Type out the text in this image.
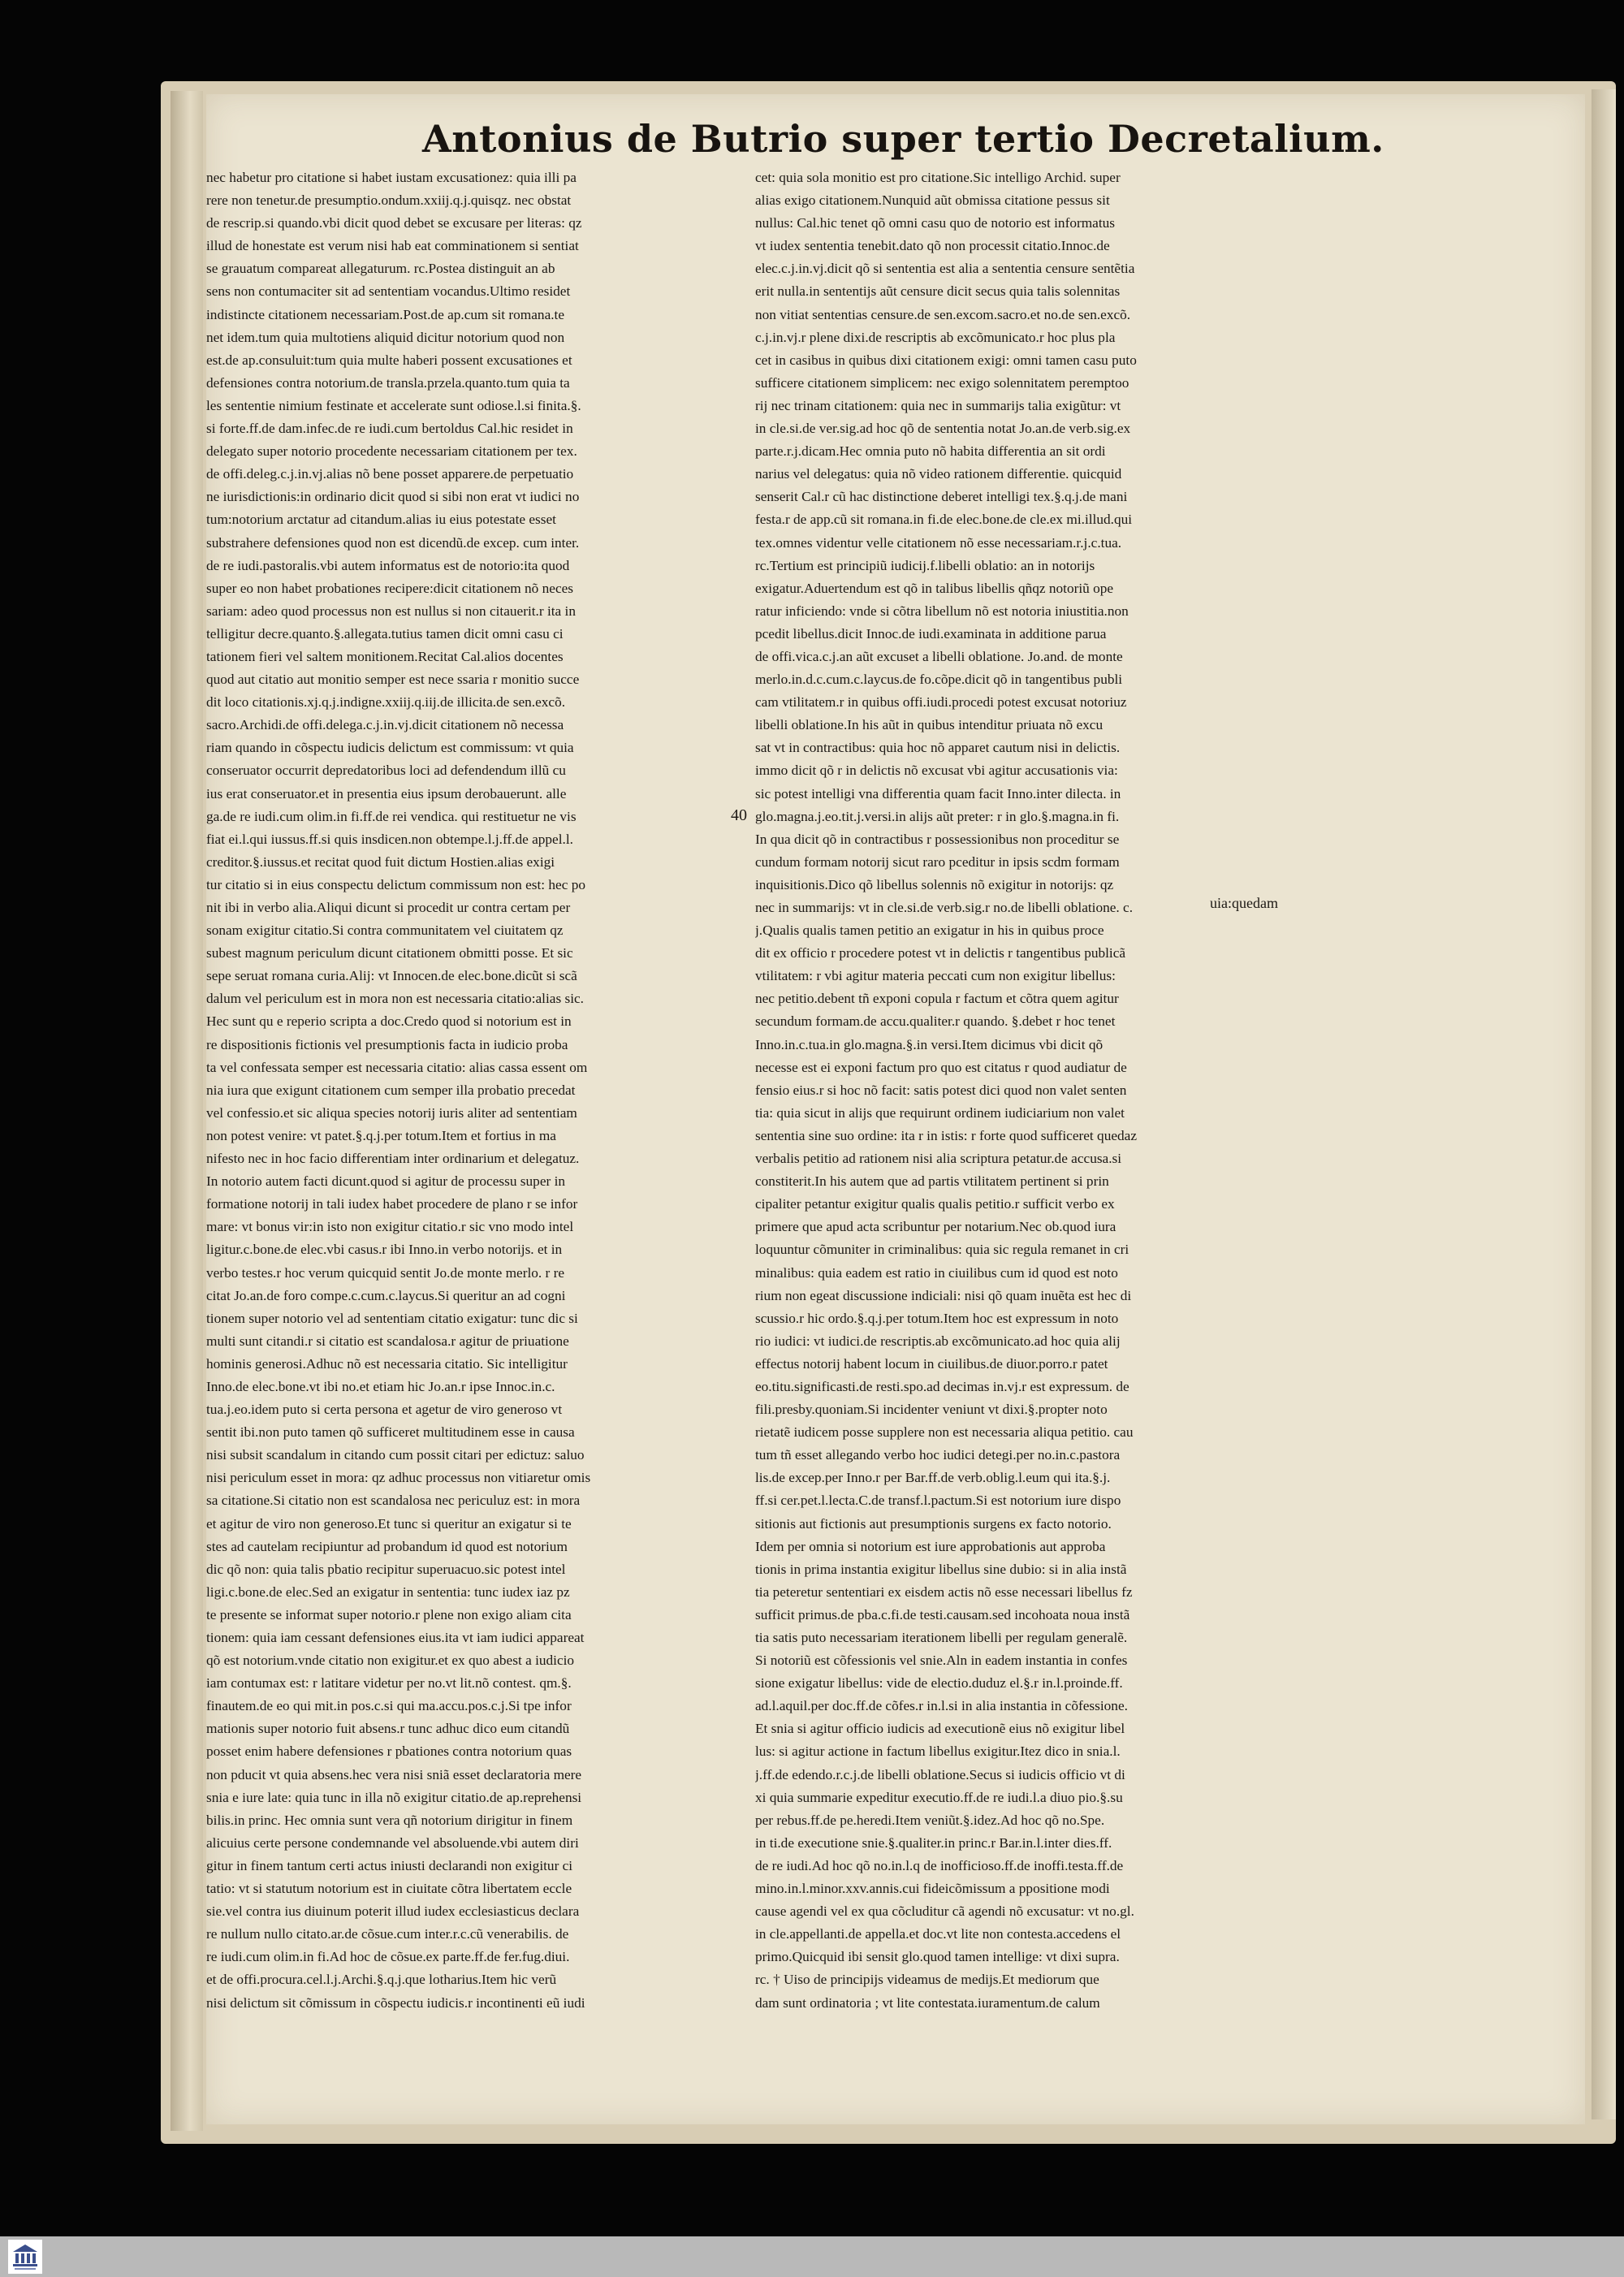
Antonius de Butrio super tertio Decretalium.
nec habetur pro citatione si habet iustam excusationez: quia illi pa
rere non tenetur.de presumptio.ondum.xxiij.q.j.quisqz. nec obstat
de rescrip.si quando.vbi dicit quod debet se excusare per literas: qz
illud de honestate est verum nisi hab eat comminationem si sentiat
se grauatum compareat allegaturum. rc.Postea distinguit an ab
sens non contumaciter sit ad sententiam vocandus.Ultimo residet
indistincte citationem necessariam.Post.de ap.cum sit romana.te
net idem.tum quia multotiens aliquid dicitur notorium quod non
est.de ap.consuluit:tum quia multe haberi possent excusationes et
defensiones contra notorium.de transla.przela.quanto.tum quia ta
les sententie nimium festinate et accelerate sunt odiose.l.si finita.§.
si forte.ff.de dam.infec.de re iudi.cum bertoldus Cal.hic residet in
delegato super notorio procedente necessariam citationem per tex.
de offi.deleg.c.j.in.vj.alias nõ bene posset apparere.de perpetuatio
ne iurisdictionis:in ordinario dicit quod si sibi non erat vt iudici no
tum:notorium arctatur ad citandum.alias iu eius potestate esset
substrahere defensiones quod non est dicendũ.de excep. cum inter.
de re iudi.pastoralis.vbi autem informatus est de notorio:ita quod
super eo non habet probationes recipere:dicit citationem nõ neces
sariam: adeo quod processus non est nullus si non citauerit.r ita in
telligitur decre.quanto.§.allegata.tutius tamen dicit omni casu ci
tationem fieri vel saltem monitionem.Recitat Cal.alios docentes
quod aut citatio aut monitio semper est nece ssaria r monitio succe
dit loco citationis.xj.q.j.indigne.xxiij.q.iij.de illicita.de sen.excõ.
sacro.Archidi.de offi.delega.c.j.in.vj.dicit citationem nõ necessa
riam quando in cõspectu iudicis delictum est commissum: vt quia
conseruator occurrit depredatoribus loci ad defendendum illũ cu
ius erat conseruator.et in presentia eius ipsum derobauerunt. alle
ga.de re iudi.cum olim.in fi.ff.de rei vendica. qui restituetur ne vis
fiat ei.l.qui iussus.ff.si quis insdicen.non obtempe.l.j.ff.de appel.l.
creditor.§.iussus.et recitat quod fuit dictum Hostien.alias exigi
tur citatio si in eius conspectu delictum commissum non est: hec po
nit ibi in verbo alia.Aliqui dicunt si procedit ur contra certam per
sonam exigitur citatio.Si contra communitatem vel ciuitatem qz
subest magnum periculum dicunt citationem obmitti posse. Et sic
sepe seruat romana curia.Alij: vt Innocen.de elec.bone.dicũt si scã
dalum vel periculum est in mora non est necessaria citatio:alias sic.
Hec sunt qu e reperio scripta a doc.Credo quod si notorium est in
re dispositionis fictionis vel presumptionis facta in iudicio proba
ta vel confessata semper est necessaria citatio: alias cassa essent om
nia iura que exigunt citationem cum semper illa probatio precedat
vel confessio.et sic aliqua species notorij iuris aliter ad sententiam
non potest venire: vt patet.§.q.j.per totum.Item et fortius in ma
nifesto nec in hoc facio differentiam inter ordinarium et delegatuz.
In notorio autem facti dicunt.quod si agitur de processu super in
formatione notorij in tali iudex habet procedere de plano r se infor
mare: vt bonus vir:in isto non exigitur citatio.r sic vno modo intel
ligitur.c.bone.de elec.vbi casus.r ibi Inno.in verbo notorijs. et in
verbo testes.r hoc verum quicquid sentit Jo.de monte merlo. r re
citat Jo.an.de foro compe.c.cum.c.laycus.Si queritur an ad cogni
tionem super notorio vel ad sententiam citatio exigatur: tunc dic si
multi sunt citandi.r si citatio est scandalosa.r agitur de priuatione
hominis generosi.Adhuc nõ est necessaria citatio. Sic intelligitur
Inno.de elec.bone.vt ibi no.et etiam hic Jo.an.r ipse Innoc.in.c.
tua.j.eo.idem puto si certa persona et agetur de viro generoso vt
sentit ibi.non puto tamen qõ sufficeret multitudinem esse in causa
nisi subsit scandalum in citando cum possit citari per edictuz: saluo
nisi periculum esset in mora: qz adhuc processus non vitiaretur omis
sa citatione.Si citatio non est scandalosa nec periculuz est: in mora
et agitur de viro non generoso.Et tunc si queritur an exigatur si te
stes ad cautelam recipiuntur ad probandum id quod est notorium
dic qõ non: quia talis pbatio recipitur superuacuo.sic potest intel
ligi.c.bone.de elec.Sed an exigatur in sententia: tunc iudex iaz pz
te presente se informat super notorio.r plene non exigo aliam cita
tionem: quia iam cessant defensiones eius.ita vt iam iudici appareat
qõ est notorium.vnde citatio non exigitur.et ex quo abest a iudicio
iam contumax est: r latitare videtur per no.vt lit.nõ contest. qm.§.
finautem.de eo qui mit.in pos.c.si qui ma.accu.pos.c.j.Si tpe infor
mationis super notorio fuit absens.r tunc adhuc dico eum citandũ
posset enim habere defensiones r pbationes contra notorium quas
non pducit vt quia absens.hec vera nisi sniã esset declaratoria mere
snia e iure late: quia tunc in illa nõ exigitur citatio.de ap.reprehensi
bilis.in princ. Hec omnia sunt vera qñ notorium dirigitur in finem
alicuius certe persone condemnande vel absoluende.vbi autem diri
gitur in finem tantum certi actus iniusti declarandi non exigitur ci
tatio: vt si statutum notorium est in ciuitate cõtra libertatem eccle
sie.vel contra ius diuinum poterit illud iudex ecclesiasticus declara
re nullum nullo citato.ar.de cõsue.cum inter.r.c.cũ venerabilis. de
re iudi.cum olim.in fi.Ad hoc de cõsue.ex parte.ff.de fer.fug.diui.
et de offi.procura.cel.l.j.Archi.§.q.j.que lotharius.Item hic verũ
nisi delictum sit cõmissum in cõspectu iudicis.r incontinenti eũ iudi
cet: quia sola monitio est pro citatione.Sic intelligo Archid. super
alias exigo citationem.Nunquid aũt obmissa citatione pessus sit
nullus: Cal.hic tenet qõ omni casu quo de notorio est informatus
vt iudex sententia tenebit.dato qõ non processit citatio.Innoc.de
elec.c.j.in.vj.dicit qõ si sententia est alia a sententia censure sentẽtia
erit nulla.in sententijs aũt censure dicit secus quia talis solennitas
non vitiat sententias censure.de sen.excom.sacro.et no.de sen.excõ.
c.j.in.vj.r plene dixi.de rescriptis ab excõmunicato.r hoc plus pla
cet in casibus in quibus dixi citationem exigi: omni tamen casu puto
sufficere citationem simplicem: nec exigo solennitatem peremptoo
rij nec trinam citationem: quia nec in summarijs talia exigũtur: vt
in cle.si.de ver.sig.ad hoc qõ de sententia notat Jo.an.de verb.sig.ex
parte.r.j.dicam.Hec omnia puto nõ habita differentia an sit ordi
narius vel delegatus: quia nõ video rationem differentie. quicquid
senserit Cal.r cũ hac distinctione deberet intelligi tex.§.q.j.de mani
festa.r de app.cũ sit romana.in fi.de elec.bone.de cle.ex mi.illud.qui
tex.omnes videntur velle citationem nõ esse necessariam.r.j.c.tua.
rc.Tertium est principiũ iudicij.f.libelli oblatio: an in notorijs
exigatur.Aduertendum est qõ in talibus libellis qñqz notoriũ ope
ratur inficiendo: vnde si cõtra libellum nõ est notoria iniustitia.non
pcedit libellus.dicit Innoc.de iudi.examinata in additione parua
de offi.vica.c.j.an aũt excuset a libelli oblatione. Jo.and. de monte
merlo.in.d.c.cum.c.laycus.de fo.cõpe.dicit qõ in tangentibus publi
cam vtilitatem.r in quibus offi.iudi.procedi potest excusat notoriuz
libelli oblatione.In his aũt in quibus intenditur priuata nõ excu
sat vt in contractibus: quia hoc nõ apparet cautum nisi in delictis.
immo dicit qõ r in delictis nõ excusat vbi agitur accusationis via:
sic potest intelligi vna differentia quam facit Inno.inter dilecta. in
glo.magna.j.eo.tit.j.versi.in alijs aũt preter: r in glo.§.magna.in fi.
In qua dicit qõ in contractibus r possessionibus non proceditur se
cundum formam notorij sicut raro pceditur in ipsis scdm formam
inquisitionis.Dico qõ libellus solennis nõ exigitur in notorijs: qz
nec in summarijs: vt in cle.si.de verb.sig.r no.de libelli oblatione. c.
j.Qualis qualis tamen petitio an exigatur in his in quibus proce
dit ex officio r procedere potest vt in delictis r tangentibus publicã
vtilitatem: r vbi agitur materia peccati cum non exigitur libellus:
nec petitio.debent tñ exponi copula r factum et cõtra quem agitur
secundum formam.de accu.qualiter.r quando. §.debet r hoc tenet
Inno.in.c.tua.in glo.magna.§.in versi.Item dicimus vbi dicit qõ
necesse est ei exponi factum pro quo est citatus r quod audiatur de
fensio eius.r si hoc nõ facit: satis potest dici quod non valet senten
tia: quia sicut in alijs que requirunt ordinem iudiciarium non valet
sententia sine suo ordine: ita r in istis: r forte quod sufficeret quedaz
verbalis petitio ad rationem nisi alia scriptura petatur.de accusa.si
constiterit.In his autem que ad partis vtilitatem pertinent si prin
cipaliter petantur exigitur qualis qualis petitio.r sufficit verbo ex
primere que apud acta scribuntur per notarium.Nec ob.quod iura
loquuntur cõmuniter in criminalibus: quia sic regula remanet in cri
minalibus: quia eadem est ratio in ciuilibus cum id quod est noto
rium non egeat discussione indiciali: nisi qõ quam inuẽta est hec di
scussio.r hic ordo.§.q.j.per totum.Item hoc est expressum in noto
rio iudici: vt iudici.de rescriptis.ab excõmunicato.ad hoc quia alij
effectus notorij habent locum in ciuilibus.de diuor.porro.r patet
eo.titu.significasti.de resti.spo.ad decimas in.vj.r est expressum. de
fili.presby.quoniam.Si incidenter veniunt vt dixi.§.propter noto
rietatẽ iudicem posse supplere non est necessaria aliqua petitio. cau
tum tñ esset allegando verbo hoc iudici detegi.per no.in.c.pastora
lis.de excep.per Inno.r per Bar.ff.de verb.oblig.l.eum qui ita.§.j.
ff.si cer.pet.l.lecta.C.de transf.l.pactum.Si est notorium iure dispo
sitionis aut fictionis aut presumptionis surgens ex facto notorio.
Idem per omnia si notorium est iure approbationis aut approba
tionis in prima instantia exigitur libellus sine dubio: si in alia instã
tia peteretur sententiari ex eisdem actis nõ esse necessari libellus fz
sufficit primus.de pba.c.fi.de testi.causam.sed incohoata noua instã
tia satis puto necessariam iterationem libelli per regulam generalẽ.
Si notoriũ est cõfessionis vel snie.Aln in eadem instantia in confes
sione exigatur libellus: vide de electio.duduz el.§.r in.l.proinde.ff.
ad.l.aquil.per doc.ff.de cõfes.r in.l.si in alia instantia in cõfessione.
Et snia si agitur officio iudicis ad executionẽ eius nõ exigitur libel
lus: si agitur actione in factum libellus exigitur.Itez dico in snia.l.
j.ff.de edendo.r.c.j.de libelli oblatione.Secus si iudicis officio vt di
xi quia summarie expeditur executio.ff.de re iudi.l.a diuo pio.§.su
per rebus.ff.de pe.heredi.Item veniũt.§.idez.Ad hoc qõ no.Spe.
in ti.de executione snie.§.qualiter.in princ.r Bar.in.l.inter dies.ff.
de re iudi.Ad hoc qõ no.in.l.q de inofficioso.ff.de inoffi.testa.ff.de
mino.in.l.minor.xxv.annis.cui fideicõmissum a ppositione modi
cause agendi vel ex qua cõcluditur cã agendi nõ excusatur: vt no.gl.
in cle.appellanti.de appella.et doc.vt lite non contesta.accedens el
primo.Quicquid ibi sensit glo.quod tamen intellige: vt dixi supra.
rc. † Uiso de principijs videamus de medijs.Et mediorum que
dam sunt ordinatoria ; vt lite contestata.iuramentum.de calum
40
uia:quedam
